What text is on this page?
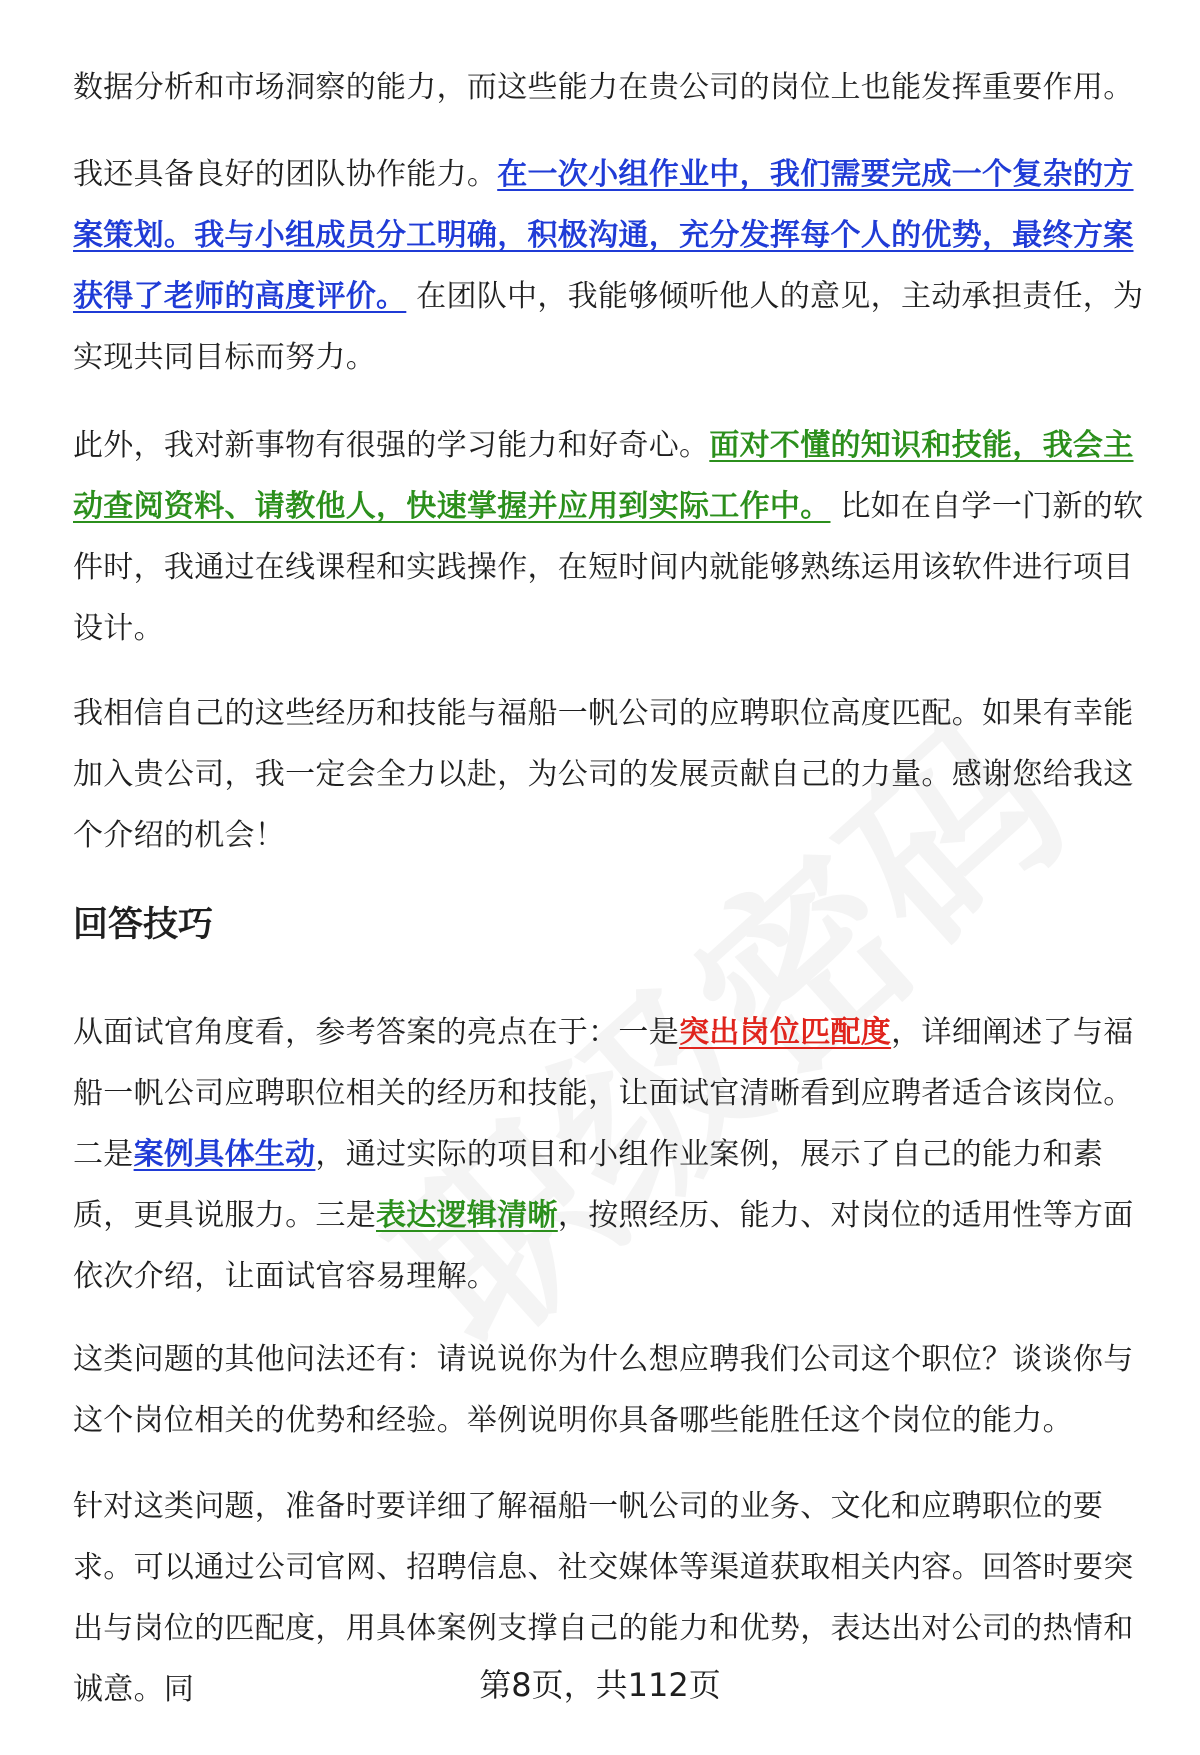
数据分析和市场洞察的能力，而这些能力在贵公司的岗位上也能发挥重要作用。

我还具备良好的团队协作能力。在一次小组作业中，我们需要完成一个复杂的方案策划。我与小组成员分工明确，积极沟通，充分发挥每个人的优势，最终方案获得了老师的高度评价。 在团队中，我能够倾听他人的意见，主动承担责任，为实现共同目标而努力。

此外，我对新事物有很强的学习能力和好奇心。面对不懂的知识和技能，我会主动查阅资料、请教他人，快速掌握并应用到实际工作中。 比如在自学一门新的软件时，我通过在线课程和实践操作，在短时间内就能够熟练运用该软件进行项目设计。

我相信自己的这些经历和技能与福船一帆公司的应聘职位高度匹配。如果有幸能加入贵公司，我一定会全力以赴，为公司的发展贡献自己的力量。感谢您给我这个介绍的机会！

回答技巧

从面试官角度看，参考答案的亮点在于：一是突出岗位匹配度，详细阐述了与福船一帆公司应聘职位相关的经历和技能，让面试官清晰看到应聘者适合该岗位。二是案例具体生动，通过实际的项目和小组作业案例，展示了自己的能力和素质，更具说服力。三是表达逻辑清晰，按照经历、能力、对岗位的适用性等方面依次介绍，让面试官容易理解。

这类问题的其他问法还有：请说说你为什么想应聘我们公司这个职位？谈谈你与这个岗位相关的优势和经验。举例说明你具备哪些能胜任这个岗位的能力。

针对这类问题，准备时要详细了解福船一帆公司的业务、文化和应聘职位的要求。可以通过公司官网、招聘信息、社交媒体等渠道获取相关内容。回答时要突出与岗位的匹配度，用具体案例支撑自己的能力和优势，表达出对公司的热情和诚意。同	第8页，共112页
